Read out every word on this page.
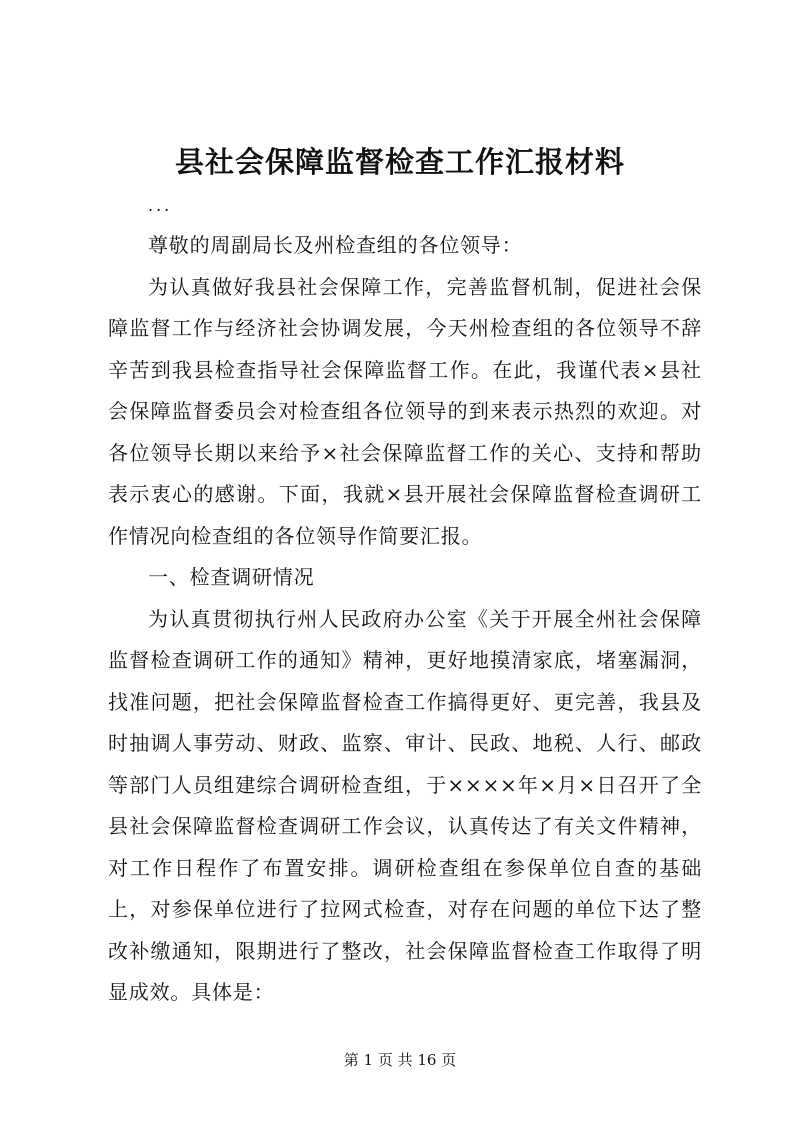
县社会保障监督检查工作汇报材料
...

尊敬的周副局长及州检查组的各位领导：

为认真做好我县社会保障工作，完善监督机制，促进社会保障监督工作与经济社会协调发展，今天州检查组的各位领导不辞辛苦到我县检查指导社会保障监督工作。在此，我谨代表×县社会保障监督委员会对检查组各位领导的到来表示热烈的欢迎。对各位领导长期以来给予×社会保障监督工作的关心、支持和帮助表示衷心的感谢。下面，我就×县开展社会保障监督检查调研工作情况向检查组的各位领导作简要汇报。

一、检查调研情况

为认真贯彻执行州人民政府办公室《关于开展全州社会保障监督检查调研工作的通知》精神，更好地摸清家底，堵塞漏洞，找准问题，把社会保障监督检查工作搞得更好、更完善，我县及时抽调人事劳动、财政、监察、审计、民政、地税、人行、邮政等部门人员组建综合调研检查组，于××××年×月×日召开了全县社会保障监督检查调研工作会议，认真传达了有关文件精神，对工作日程作了布置安排。调研检查组在参保单位自查的基础上，对参保单位进行了拉网式检查，对存在问题的单位下达了整改补缴通知，限期进行了整改，社会保障监督检查工作取得了明显成效。具体是：

第 1 页 共 16 页
